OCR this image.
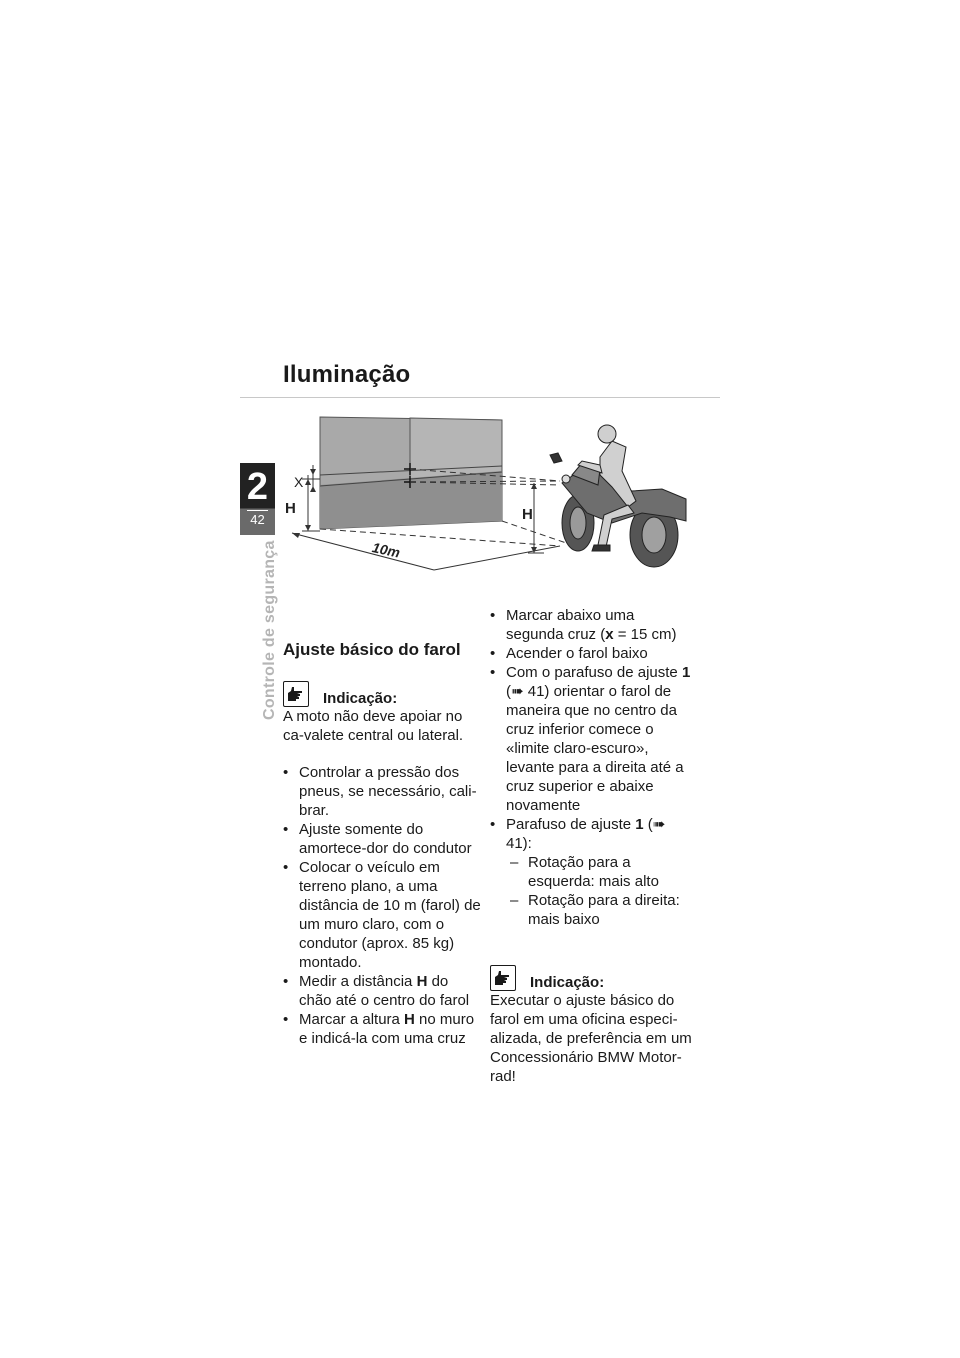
Iluminação
2
42
Controle de segurança
X
H
10m
H
Ajuste básico do farol
Indicação:
A moto não deve apoiar no ca-valete central ou lateral.
• Controlar a pressão dos pneus, se necessário, cali-brar.
• Ajuste somente do amortece-dor do condutor
• Colocar o veículo em terreno plano, a uma distância de 10 m (farol) de um muro claro, com o condutor (aprox. 85 kg) montado.
• Medir a distância H do chão até o centro do farol
• Marcar a altura H no muro e indicá-la com uma cruz
• Marcar abaixo uma segunda cruz (x = 15 cm)
• Acender o farol baixo
• Com o parafuso de ajuste 1 (➠ 41) orientar o farol de maneira que no centro da cruz inferior comece o «limite claro-escuro», levante para a direita até a cruz superior e abaixe novamente
• Parafuso de ajuste 1 (➠ 41):
– Rotação para a esquerda: mais alto
– Rotação para a direita: mais baixo
Indicação:
Executar o ajuste básico do farol em uma oficina especi-alizada, de preferência em um Concessionário BMW Motor-rad!
